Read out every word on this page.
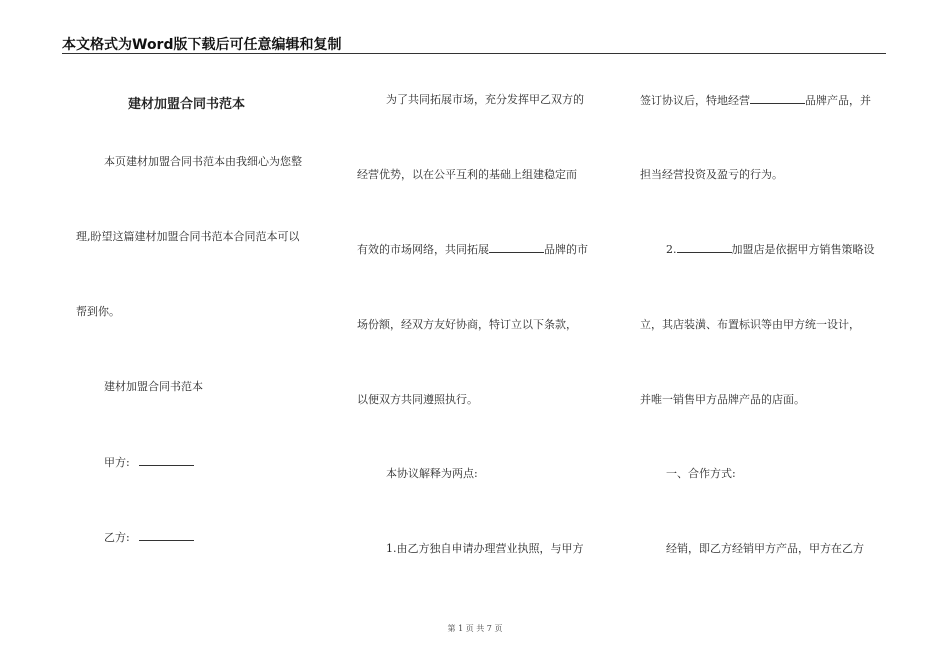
本文格式为Word版下载后可任意编辑和复制
建材加盟合同书范本
本页建材加盟合同书范本由我细心为您整
理,盼望这篇建材加盟合同书范本合同范本可以
帮到你。
建材加盟合同书范本
甲方:
乙方:
为了共同拓展市场，充分发挥甲乙双方的
经营优势，以在公平互利的基础上组建稳定而
有效的市场网络，共同拓展	品牌的市
场份额，经双方友好协商，特订立以下条款，
以便双方共同遵照执行。
本协议解释为两点:
1.由乙方独自申请办理营业执照，与甲方
签订协议后，特地经营	品牌产品，并
担当经营投资及盈亏的行为。
2.	加盟店是依据甲方销售策略设
立，其店装潢、布置标识等由甲方统一设计，
并唯一销售甲方品牌产品的店面。
一、合作方式:
经销，即乙方经销甲方产品，甲方在乙方
第 1 页 共 7 页
